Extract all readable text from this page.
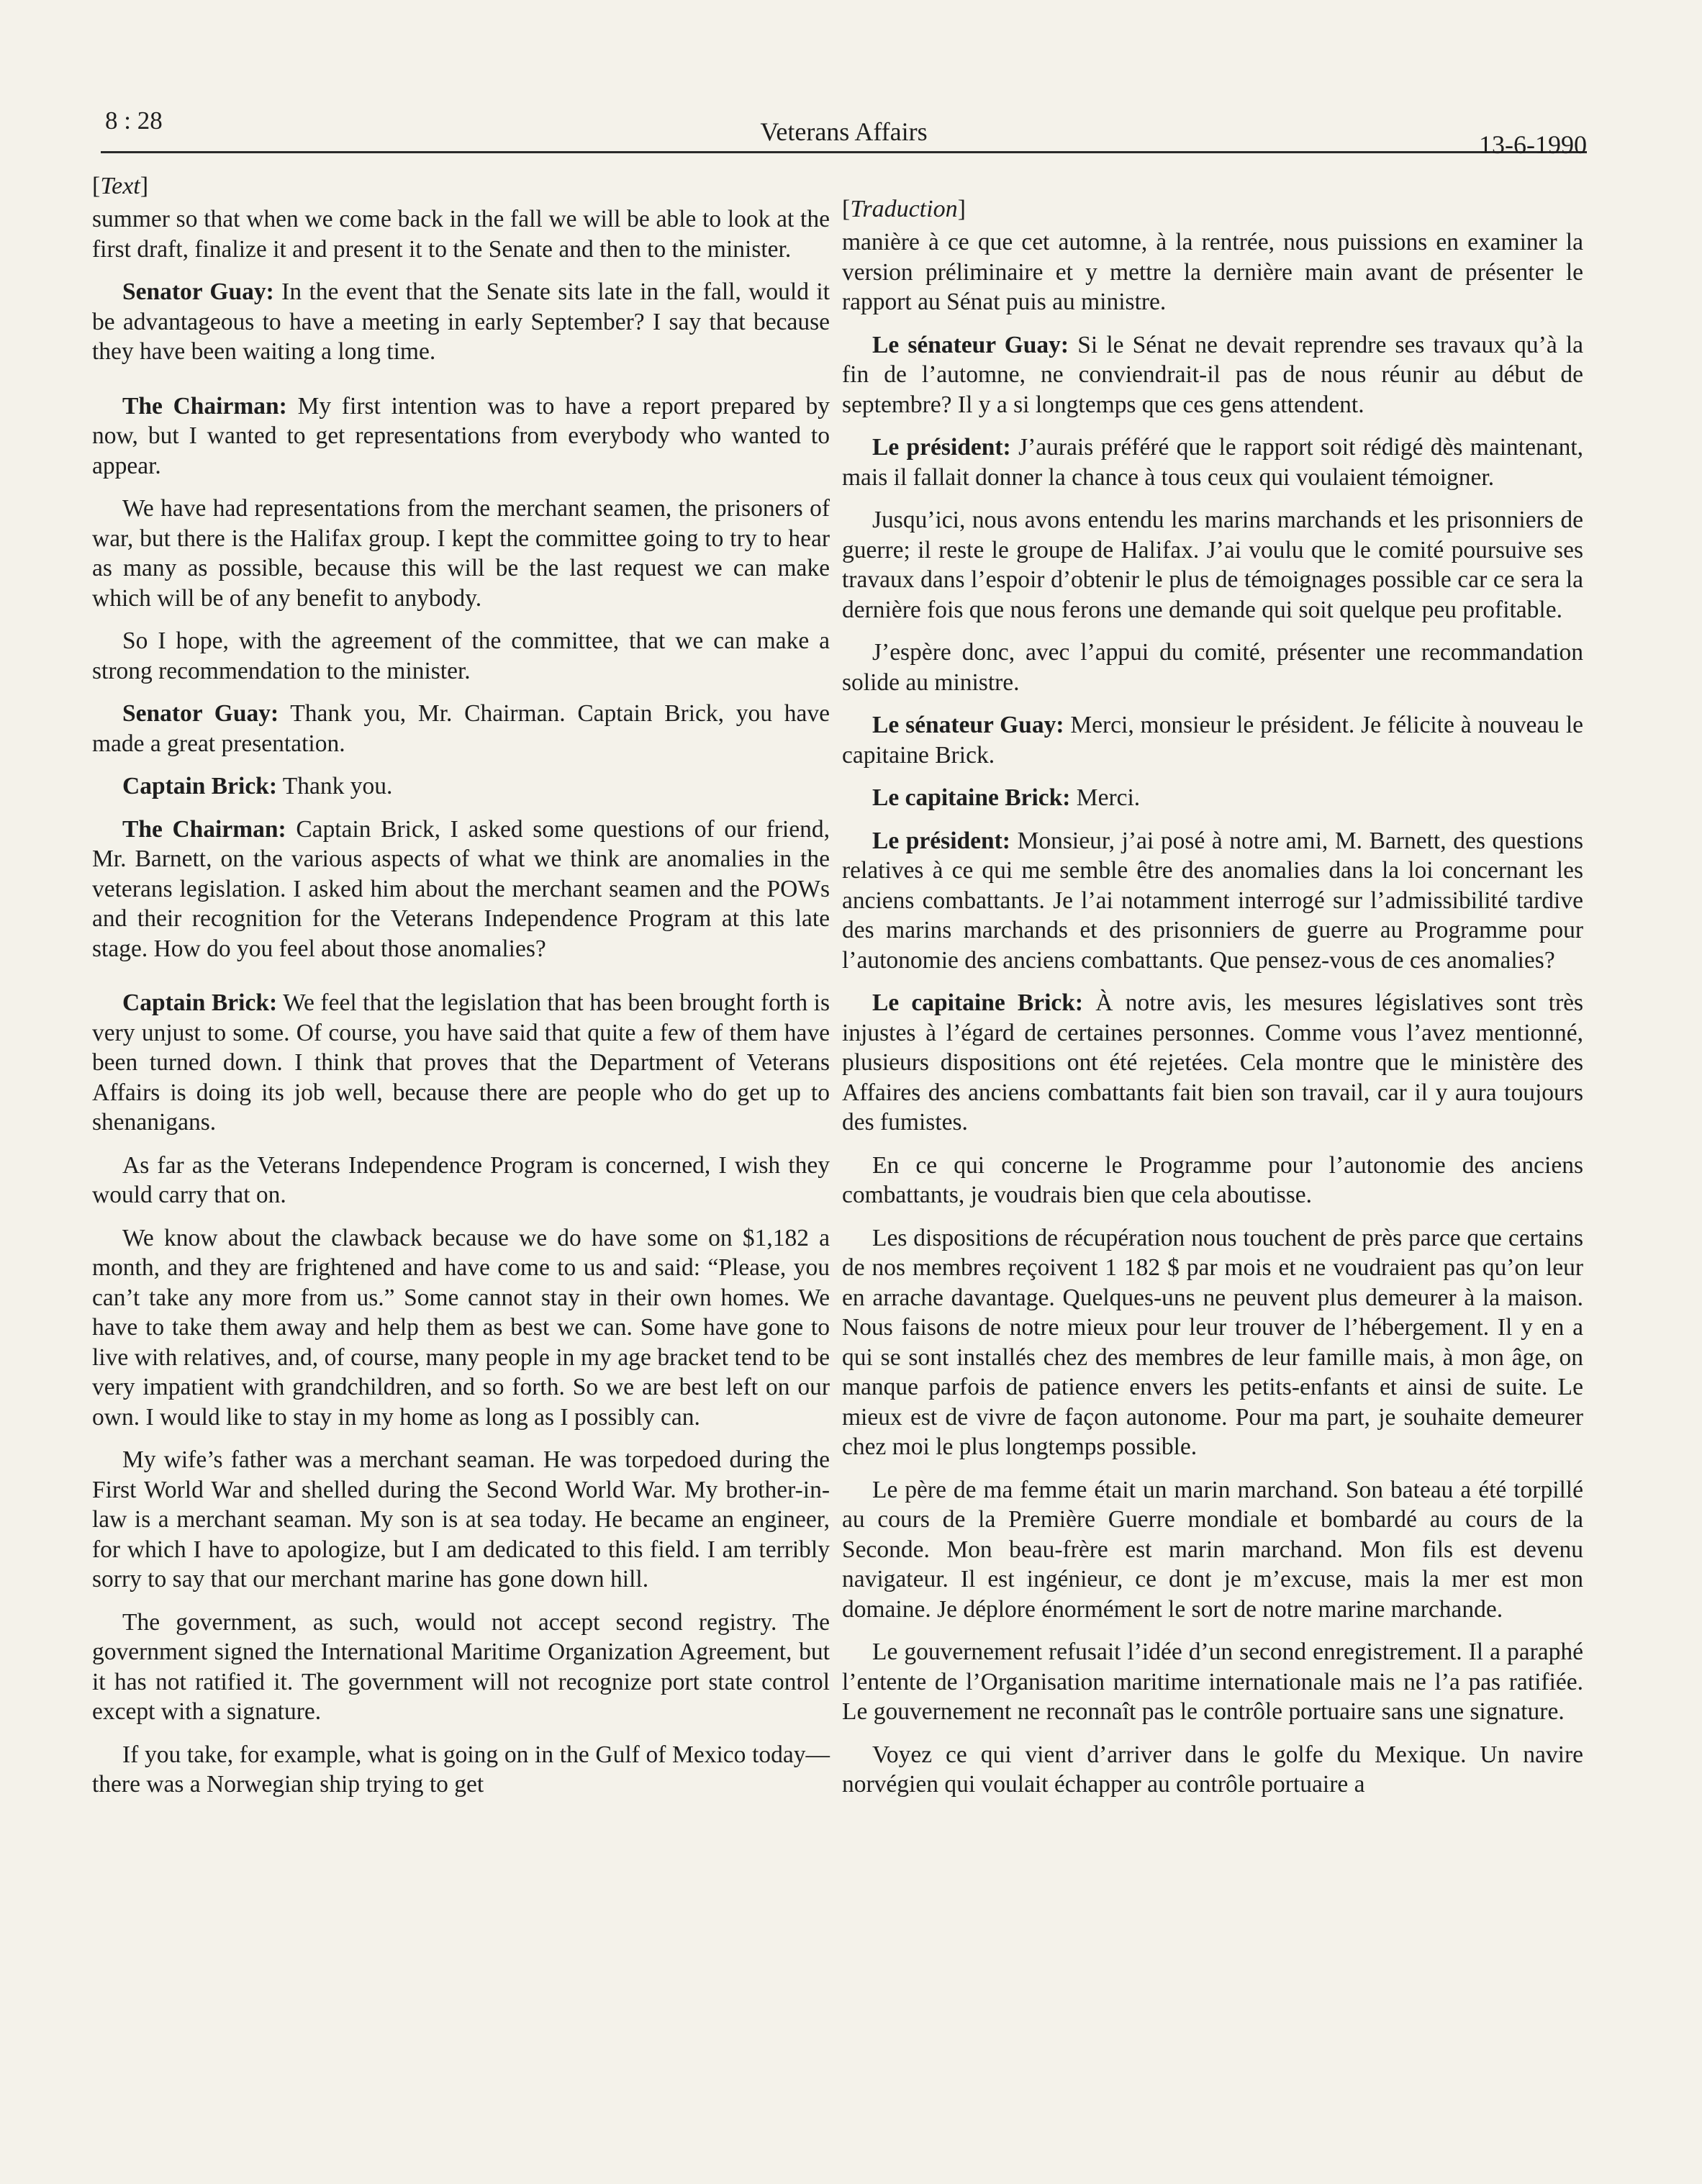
8 : 28	Veterans Affairs	13-6-1990
[Text]

summer so that when we come back in the fall we will be able to look at the first draft, finalize it and present it to the Senate and then to the minister.

Senator Guay: In the event that the Senate sits late in the fall, would it be advantageous to have a meeting in early September? I say that because they have been waiting a long time.

The Chairman: My first intention was to have a report prepared by now, but I wanted to get representations from everybody who wanted to appear.

We have had representations from the merchant seamen, the prisoners of war, but there is the Halifax group. I kept the committee going to try to hear as many as possible, because this will be the last request we can make which will be of any benefit to anybody.

So I hope, with the agreement of the committee, that we can make a strong recommendation to the minister.

Senator Guay: Thank you, Mr. Chairman. Captain Brick, you have made a great presentation.

Captain Brick: Thank you.

The Chairman: Captain Brick, I asked some questions of our friend, Mr. Barnett, on the various aspects of what we think are anomalies in the veterans legislation. I asked him about the merchant seamen and the POWs and their recognition for the Veterans Independence Program at this late stage. How do you feel about those anomalies?

Captain Brick: We feel that the legislation that has been brought forth is very unjust to some. Of course, you have said that quite a few of them have been turned down. I think that proves that the Department of Veterans Affairs is doing its job well, because there are people who do get up to shenanigans.

As far as the Veterans Independence Program is concerned, I wish they would carry that on.

We know about the clawback because we do have some on $1,182 a month, and they are frightened and have come to us and said: “Please, you can’t take any more from us.” Some cannot stay in their own homes. We have to take them away and help them as best we can. Some have gone to live with relatives, and, of course, many people in my age bracket tend to be very impatient with grandchildren, and so forth. So we are best left on our own. I would like to stay in my home as long as I possibly can.

My wife’s father was a merchant seaman. He was torpedoed during the First World War and shelled during the Second World War. My brother-in-law is a merchant seaman. My son is at sea today. He became an engineer, for which I have to apologize, but I am dedicated to this field. I am terribly sorry to say that our merchant marine has gone down hill.

The government, as such, would not accept second registry. The government signed the International Maritime Organization Agreement, but it has not ratified it. The government will not recognize port state control except with a signature.

If you take, for example, what is going on in the Gulf of Mexico today—there was a Norwegian ship trying to get

[Traduction]

manière à ce que cet automne, à la rentrée, nous puissions en examiner la version préliminaire et y mettre la dernière main avant de présenter le rapport au Sénat puis au ministre.

Le sénateur Guay: Si le Sénat ne devait reprendre ses travaux qu’à la fin de l’automne, ne conviendrait-il pas de nous réunir au début de septembre? Il y a si longtemps que ces gens attendent.

Le président: J’aurais préféré que le rapport soit rédigé dès maintenant, mais il fallait donner la chance à tous ceux qui voulaient témoigner.

Jusqu’ici, nous avons entendu les marins marchands et les prisonniers de guerre; il reste le groupe de Halifax. J’ai voulu que le comité poursuive ses travaux dans l’espoir d’obtenir le plus de témoignages possible car ce sera la dernière fois que nous ferons une demande qui soit quelque peu profitable.

J’espère donc, avec l’appui du comité, présenter une recommandation solide au ministre.

Le sénateur Guay: Merci, monsieur le président. Je félicite à nouveau le capitaine Brick.

Le capitaine Brick: Merci.

Le président: Monsieur, j’ai posé à notre ami, M. Barnett, des questions relatives à ce qui me semble être des anomalies dans la loi concernant les anciens combattants. Je l’ai notamment interrogé sur l’admissibilité tardive des marins marchands et des prisonniers de guerre au Programme pour l’autonomie des anciens combattants. Que pensez-vous de ces anomalies?

Le capitaine Brick: À notre avis, les mesures législatives sont très injustes à l’égard de certaines personnes. Comme vous l’avez mentionné, plusieurs dispositions ont été rejetées. Cela montre que le ministère des Affaires des anciens combattants fait bien son travail, car il y aura toujours des fumistes.

En ce qui concerne le Programme pour l’autonomie des anciens combattants, je voudrais bien que cela aboutisse.

Les dispositions de récupération nous touchent de près parce que certains de nos membres reçoivent 1 182 $ par mois et ne voudraient pas qu’on leur en arrache davantage. Quelques-uns ne peuvent plus demeurer à la maison. Nous faisons de notre mieux pour leur trouver de l’hébergement. Il y en a qui se sont installés chez des membres de leur famille mais, à mon âge, on manque parfois de patience envers les petits-enfants et ainsi de suite. Le mieux est de vivre de façon autonome. Pour ma part, je souhaite demeurer chez moi le plus longtemps possible.

Le père de ma femme était un marin marchand. Son bateau a été torpillé au cours de la Première Guerre mondiale et bombardé au cours de la Seconde. Mon beau-frère est marin marchand. Mon fils est devenu navigateur. Il est ingénieur, ce dont je m’excuse, mais la mer est mon domaine. Je déplore énormément le sort de notre marine marchande.

Le gouvernement refusait l’idée d’un second enregistrement. Il a paraphé l’entente de l’Organisation maritime internationale mais ne l’a pas ratifiée. Le gouvernement ne reconnaît pas le contrôle portuaire sans une signature.

Voyez ce qui vient d’arriver dans le golfe du Mexique. Un navire norvégien qui voulait échapper au contrôle portuaire a
